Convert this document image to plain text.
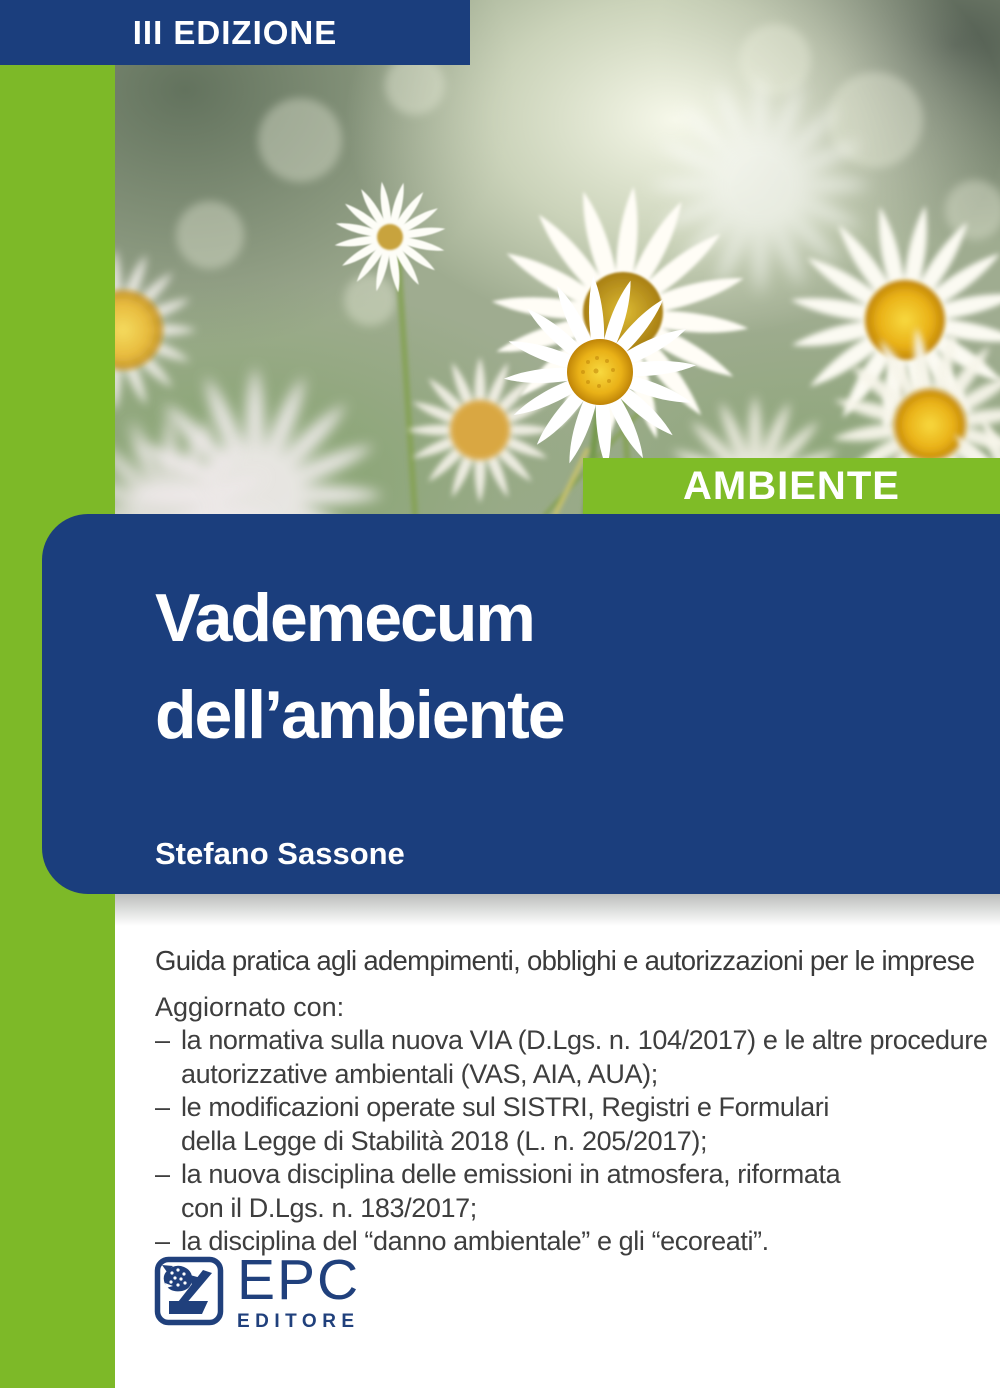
III EDIZIONE
AMBIENTE
Vademecum
dell’ambiente
Stefano Sassone
Guida pratica agli adempimenti, obblighi e autorizzazioni per le imprese
Aggiornato con:
– la normativa sulla nuova VIA (D.Lgs. n. 104/2017) e le altre procedure
autorizzative ambientali (VAS, AIA, AUA);
– le modificazioni operate sul SISTRI, Registri e Formulari
della Legge di Stabilità 2018 (L. n. 205/2017);
– la nuova disciplina delle emissioni in atmosfera, riformata
con il D.Lgs. n. 183/2017;
– la disciplina del “danno ambientale” e gli “ecoreati”.
EPC
EDITORE
